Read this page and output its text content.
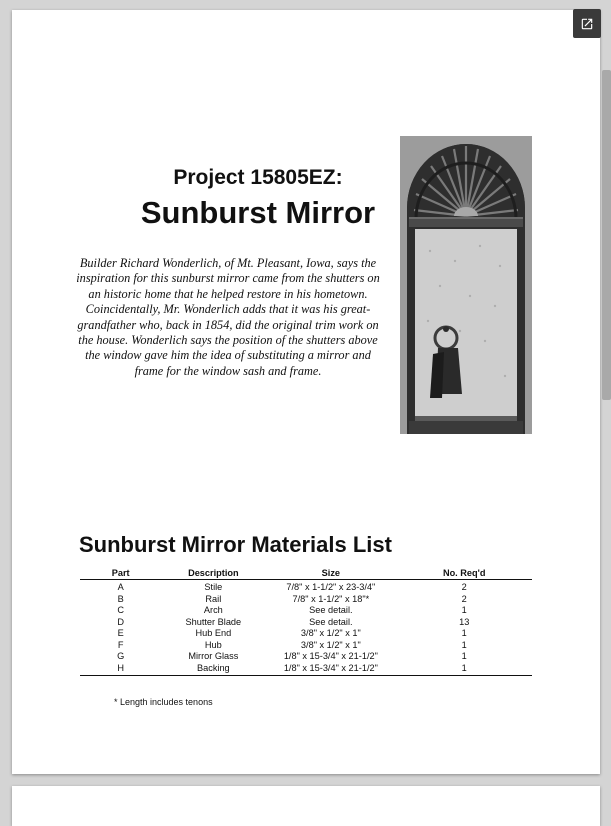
Project 15805EZ:
Sunburst Mirror

Builder Richard Wonderlich, of Mt. Pleasant, Iowa, says the inspiration for this sunburst mirror came from the shutters on an historic home that he helped restore in his hometown. Coincidentally, Mr. Wonderlich adds that it was his great-grandfather who, back in 1854, did the original trim work on the house. Wonderlich says the position of the shutters above the window gave him the idea of substituting a mirror and frame for the window sash and frame.

Sunburst Mirror Materials List
Part	Description	Size	No. Req'd
A	Stile	7/8" x 1-1/2" x 23-3/4"	2
B	Rail	7/8" x 1-1/2" x 18"*	2
C	Arch	See detail.	1
D	Shutter Blade	See detail.	13
E	Hub End	3/8" x 1/2" x 1"	1
F	Hub	3/8" x 1/2" x 1"	1
G	Mirror Glass	1/8" x 15-3/4" x 21-1/2"	1
H	Backing	1/8" x 15-3/4" x 21-1/2"	1
* Length includes tenons
